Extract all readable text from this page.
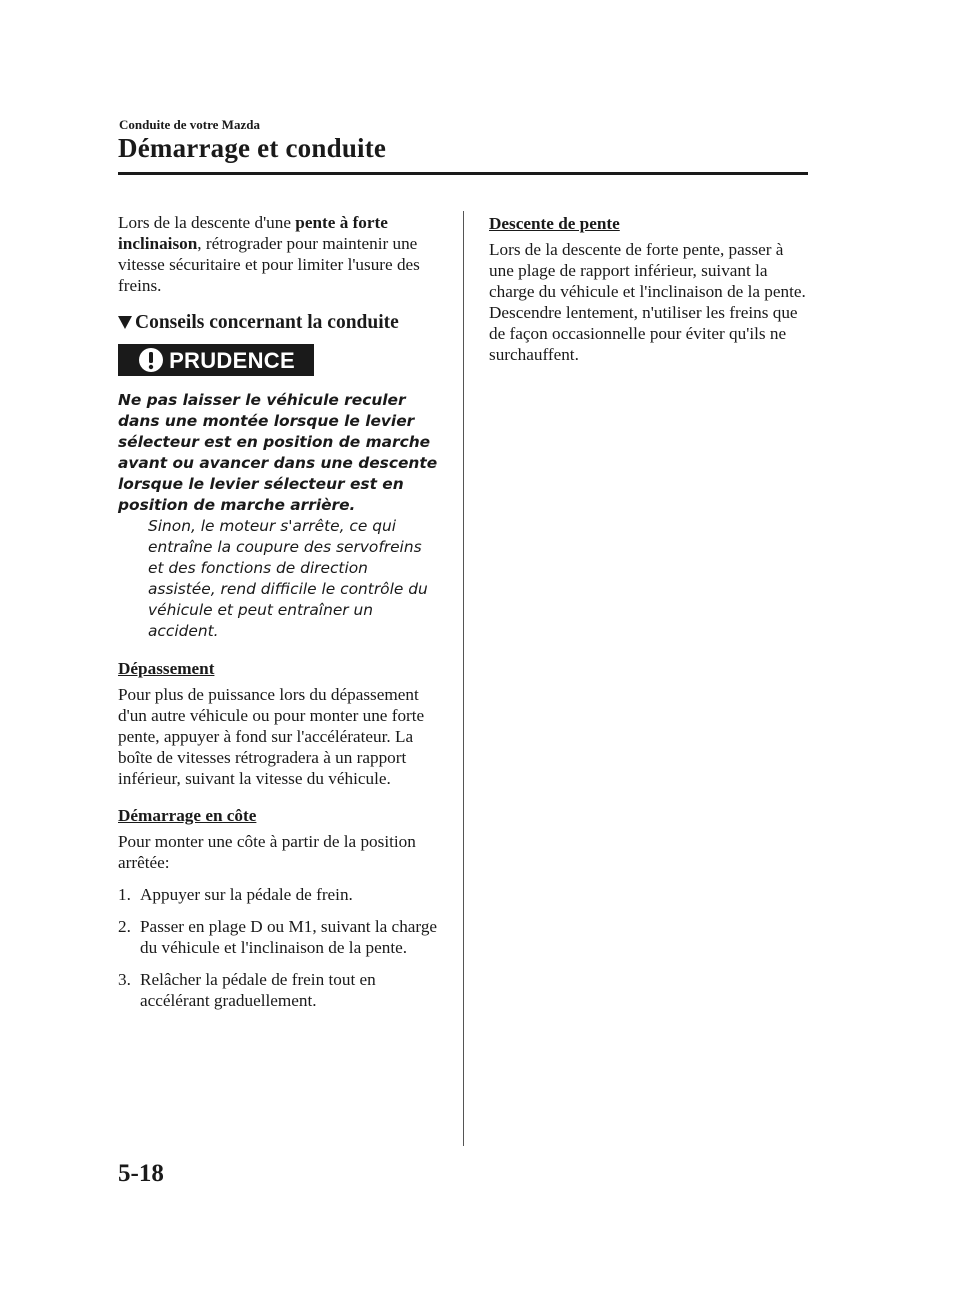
Conduite de votre Mazda
Démarrage et conduite

Lors de la descente d'une pente à forte inclinaison, rétrograder pour maintenir une vitesse sécuritaire et pour limiter l'usure des freins.

Conseils concernant la conduite
PRUDENCE

Ne pas laisser le véhicule reculer dans une montée lorsque le levier sélecteur est en position de marche avant ou avancer dans une descente lorsque le levier sélecteur est en position de marche arrière.

Sinon, le moteur s'arrête, ce qui entraîne la coupure des servofreins et des fonctions de direction assistée, rend difficile le contrôle du véhicule et peut entraîner un accident.

Dépassement

Pour plus de puissance lors du dépassement d'un autre véhicule ou pour monter une forte pente, appuyer à fond sur l'accélérateur. La boîte de vitesses rétrogradera à un rapport inférieur, suivant la vitesse du véhicule.

Démarrage en côte

Pour monter une côte à partir de la position arrêtée:

1. Appuyer sur la pédale de frein.
2. Passer en plage D ou M1, suivant la charge du véhicule et l'inclinaison de la pente.
3. Relâcher la pédale de frein tout en accélérant graduellement.

Descente de pente

Lors de la descente de forte pente, passer à une plage de rapport inférieur, suivant la charge du véhicule et l'inclinaison de la pente. Descendre lentement, n'utiliser les freins que de façon occasionnelle pour éviter qu'ils ne surchauffent.

5-18
